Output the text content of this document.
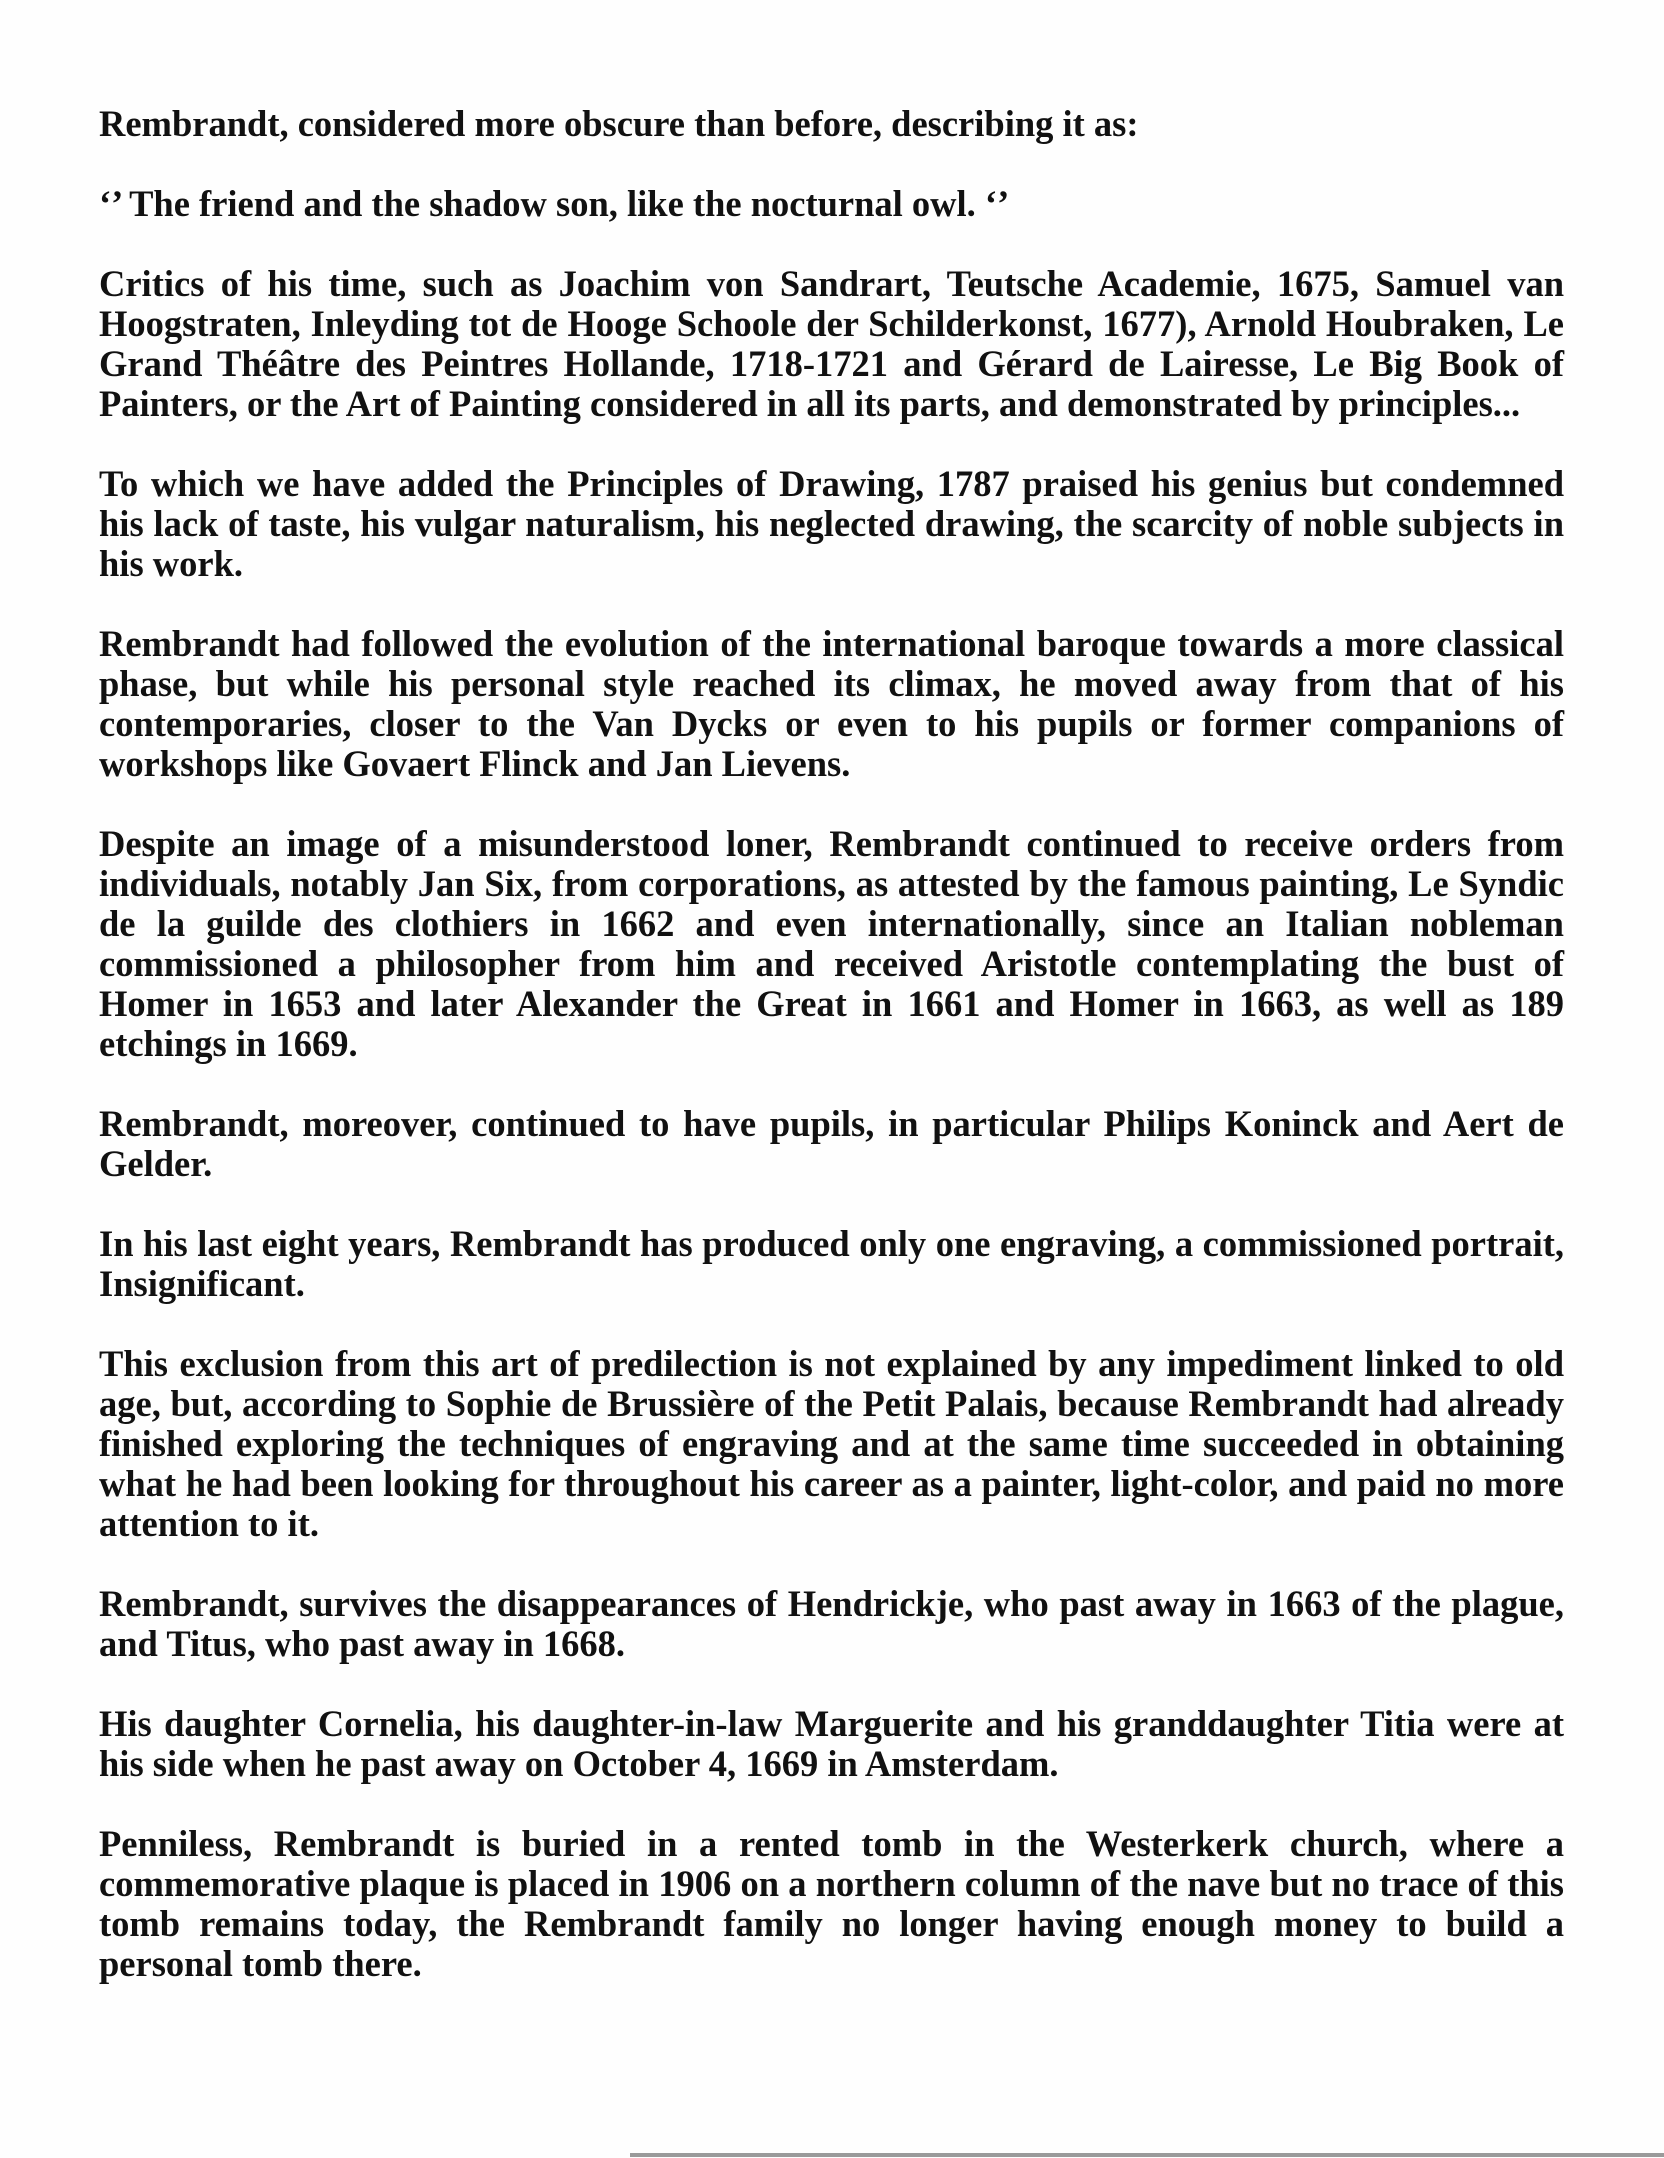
Rembrandt, considered more obscure than before, describing it as:

‘’ The friend and the shadow son, like the nocturnal owl. ‘’

Critics of his time, such as Joachim von Sandrart, Teutsche Academie, 1675, Samuel van Hoogstraten, Inleyding tot de Hooge Schoole der Schilderkonst, 1677), Arnold Houbraken, Le Grand Théâtre des Peintres Hollande, 1718-1721 and Gérard de Lairesse, Le Big Book of Painters, or the Art of Painting considered in all its parts, and demonstrated by principles...

To which we have added the Principles of Drawing, 1787 praised his genius but condemned his lack of taste, his vulgar naturalism, his neglected drawing, the scarcity of noble subjects in his work.

Rembrandt had followed the evolution of the international baroque towards a more classical phase, but while his personal style reached its climax, he moved away from that of his contemporaries, closer to the Van Dycks or even to his pupils or former companions of workshops like Govaert Flinck and Jan Lievens.

Despite an image of a misunderstood loner, Rembrandt continued to receive orders from individuals, notably Jan Six, from corporations, as attested by the famous painting, Le Syndic de la guilde des clothiers in 1662 and even internationally, since an Italian nobleman commissioned a philosopher from him and received Aristotle contemplating the bust of Homer in 1653 and later Alexander the Great in 1661 and Homer in 1663, as well as 189 etchings in 1669.

Rembrandt, moreover, continued to have pupils, in particular Philips Koninck and Aert de Gelder.

In his last eight years, Rembrandt has produced only one engraving, a commissioned portrait, Insignificant.

This exclusion from this art of predilection is not explained by any impediment linked to old age, but, according to Sophie de Brussière of the Petit Palais, because Rembrandt had already finished exploring the techniques of engraving and at the same time succeeded in obtaining what he had been looking for throughout his career as a painter, light-color, and paid no more attention to it.

Rembrandt, survives the disappearances of Hendrickje, who past away in 1663 of the plague, and Titus, who past away in 1668.

His daughter Cornelia, his daughter-in-law Marguerite and his granddaughter Titia were at his side when he past away on October 4, 1669 in Amsterdam.

Penniless, Rembrandt is buried in a rented tomb in the Westerkerk church, where a commemorative plaque is placed in 1906 on a northern column of the nave but no trace of this tomb remains today, the Rembrandt family no longer having enough money to build a personal tomb there.
